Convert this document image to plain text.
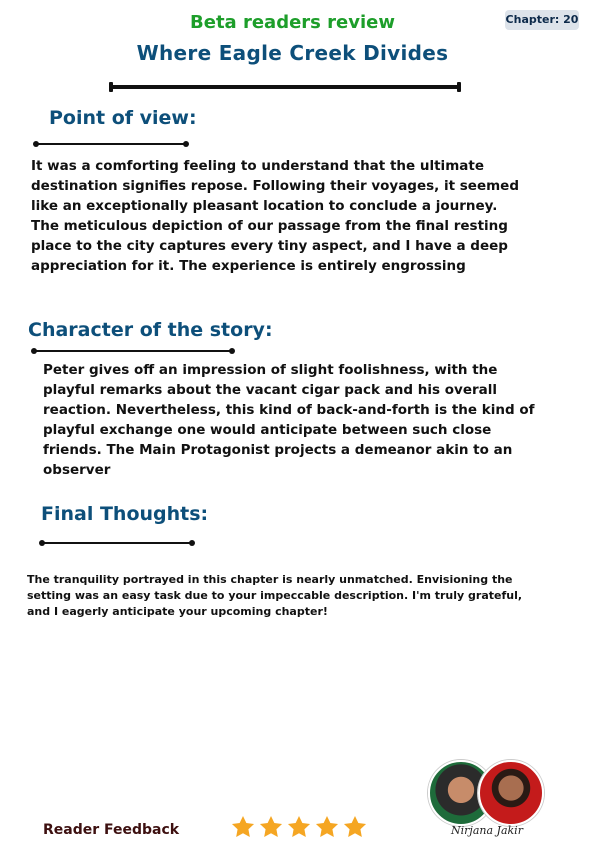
Chapter: 20
Beta readers review
Where Eagle Creek Divides
Point of view:
It was a comforting feeling to understand that the ultimate
destination signifies repose. Following their voyages, it seemed
like an exceptionally pleasant location to conclude a journey.
The meticulous depiction of our passage from the final resting
place to the city captures every tiny aspect, and I have a deep
appreciation for it. The experience is entirely engrossing
Character of the story:
Peter gives off an impression of slight foolishness, with the
playful remarks about the vacant cigar pack and his overall
reaction. Nevertheless, this kind of back-and-forth is the kind of
playful exchange one would anticipate between such close
friends. The Main Protagonist projects a demeanor akin to an
observer
Final Thoughts:
The tranquility portrayed in this chapter is nearly unmatched. Envisioning the
setting was an easy task due to your impeccable description. I'm truly grateful,
and I eagerly anticipate your upcoming chapter!
Reader Feedback	Nirjana Jakir
